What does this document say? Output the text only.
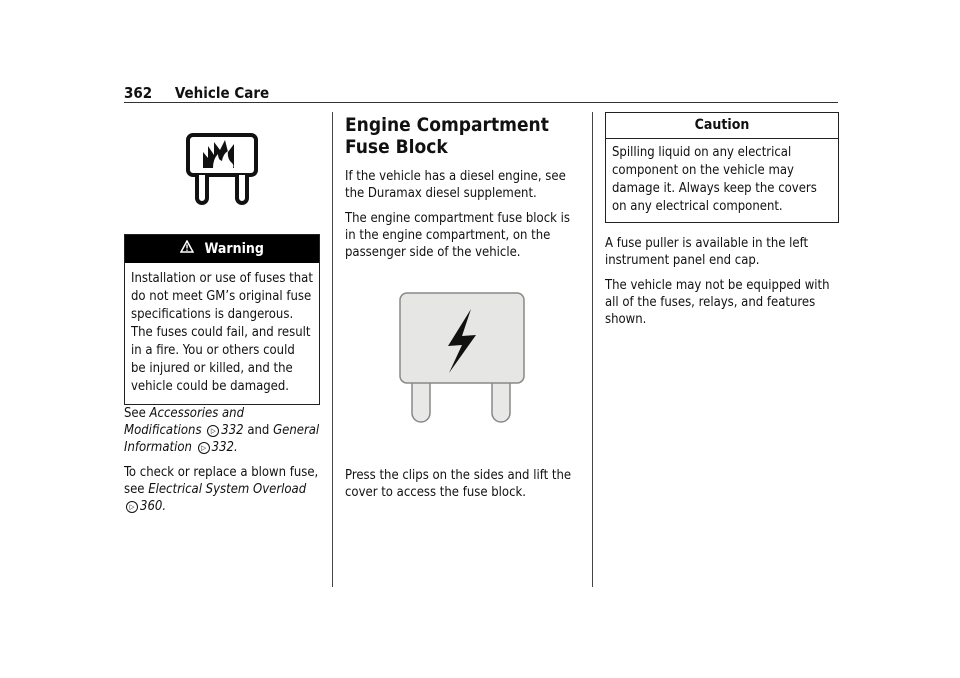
362 Vehicle Care
Warning
Installation or use of fuses that do not meet GM’s original fuse specifications is dangerous. The fuses could fail, and result in a fire. You or others could be injured or killed, and the vehicle could be damaged.

See Accessories and Modifications ▷ 332 and General Information ▷ 332.

To check or replace a blown fuse, see Electrical System Overload ▷ 360.

Engine Compartment Fuse Block

If the vehicle has a diesel engine, see the Duramax diesel supplement.

The engine compartment fuse block is in the engine compartment, on the passenger side of the vehicle.

Press the clips on the sides and lift the cover to access the fuse block.

Caution
Spilling liquid on any electrical component on the vehicle may damage it. Always keep the covers on any electrical component.

A fuse puller is available in the left instrument panel end cap.

The vehicle may not be equipped with all of the fuses, relays, and features shown.
